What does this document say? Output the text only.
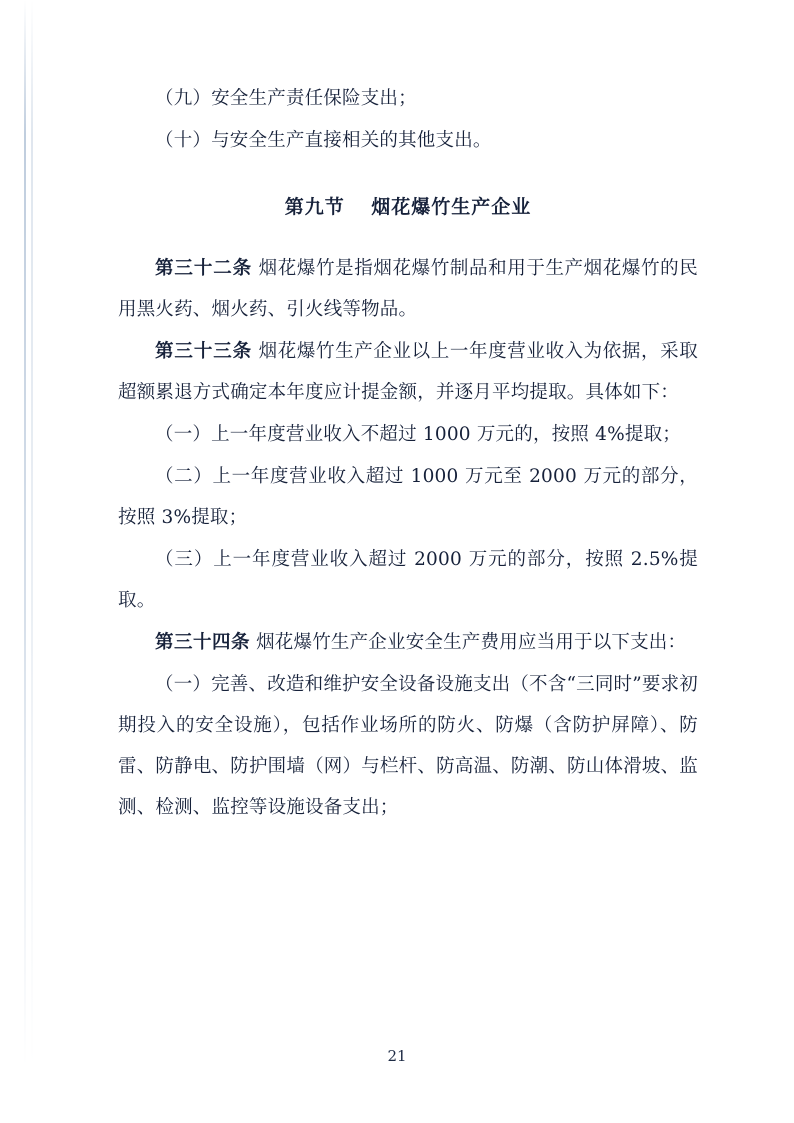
（九）安全生产责任保险支出；

（十）与安全生产直接相关的其他支出。

第九节 烟花爆竹生产企业

第三十二条 烟花爆竹是指烟花爆竹制品和用于生产烟花爆竹的民用黑火药、烟火药、引火线等物品。

第三十三条 烟花爆竹生产企业以上一年度营业收入为依据，采取超额累退方式确定本年度应计提金额，并逐月平均提取。具体如下：

（一）上一年度营业收入不超过 1000 万元的，按照 4%提取；

（二）上一年度营业收入超过 1000 万元至 2000 万元的部分，按照 3%提取；

（三）上一年度营业收入超过 2000 万元的部分，按照 2.5%提取。

第三十四条 烟花爆竹生产企业安全生产费用应当用于以下支出：

（一）完善、改造和维护安全设备设施支出（不含“三同时”要求初期投入的安全设施），包括作业场所的防火、防爆（含防护屏障）、防雷、防静电、防护围墙（网）与栏杆、防高温、防潮、防山体滑坡、监测、检测、监控等设施设备支出；

21
